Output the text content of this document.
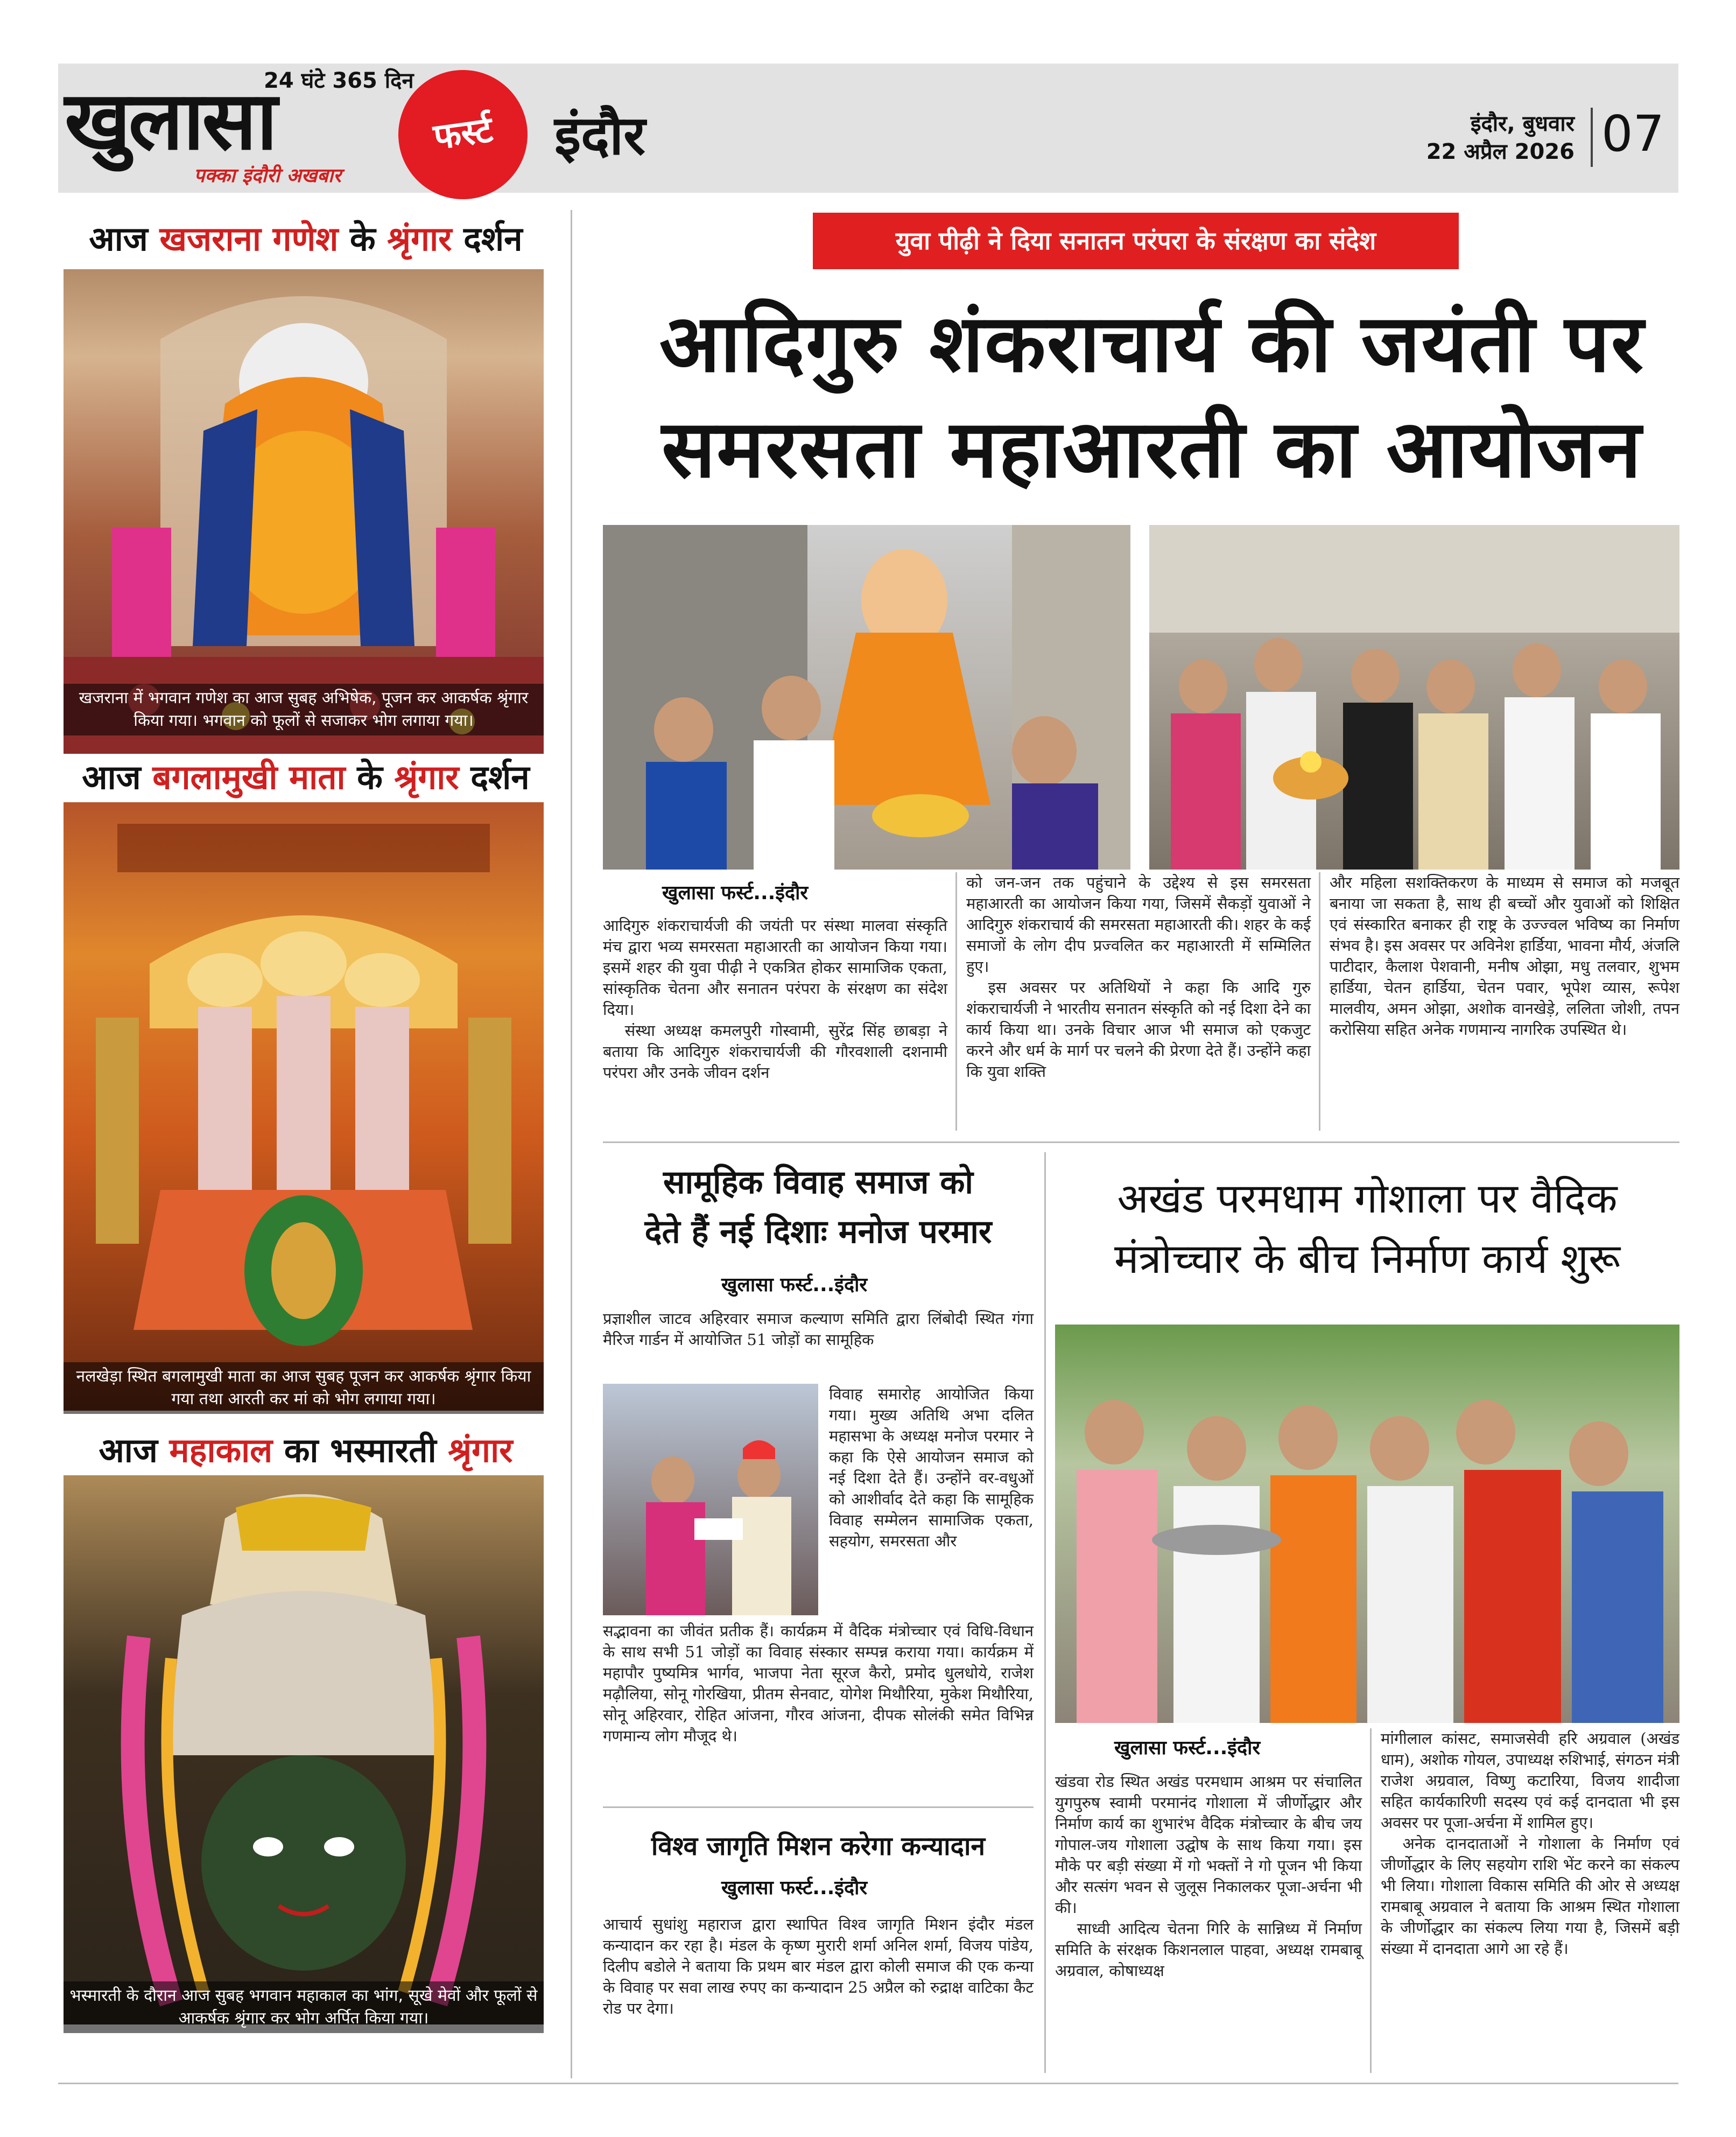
24 घंटे 365 दिन
खुलासा
पक्का इंदौरी अखबार
फर्स्ट	इंदौर	इंदौर, बुधवार
22 अप्रैल 2026 07
आज खजराना गणेश के श्रृंगार दर्शन
खजराना में भगवान गणेश का आज सुबह अभिषेक, पूजन कर आकर्षक श्रृंगार किया गया। भगवान को फूलों से सजाकर भोग लगाया गया।
आज बगलामुखी माता के श्रृंगार दर्शन
नलखेड़ा स्थित बगलामुखी माता का आज सुबह पूजन कर आकर्षक श्रृंगार किया गया तथा आरती कर मां को भोग लगाया गया।
आज महाकाल का भस्मारती श्रृंगार
भस्मारती के दौरान आज सुबह भगवान महाकाल का भांग, सूखे मेवों और फूलों से आकर्षक श्रृंगार कर भोग अर्पित किया गया।
युवा पीढ़ी ने दिया सनातन परंपरा के संरक्षण का संदेश
आदिगुरु शंकराचार्य की जयंती पर
समरसता महाआरती का आयोजन
खुलासा फर्स्ट...इंदौर

आदिगुरु शंकराचार्यजी की जयंती पर संस्था मालवा संस्कृति मंच द्वारा भव्य समरसता महाआरती का आयोजन किया गया। इसमें शहर की युवा पीढ़ी ने एकत्रित होकर सामाजिक एकता, सांस्कृतिक चेतना और सनातन परंपरा के संरक्षण का संदेश दिया।

संस्था अध्यक्ष कमलपुरी गोस्वामी, सुरेंद्र सिंह छाबड़ा ने बताया कि आदिगुरु शंकराचार्यजी की गौरवशाली दशनामी परंपरा और उनके जीवन दर्शन

को जन-जन तक पहुंचाने के उद्देश्य से इस समरसता महाआरती का आयोजन किया गया, जिसमें सैकड़ों युवाओं ने आदिगुरु शंकराचार्य की समरसता महाआरती की। शहर के कई समाजों के लोग दीप प्रज्वलित कर महाआरती में सम्मिलित हुए।

इस अवसर पर अतिथियों ने कहा कि आदि गुरु शंकराचार्यजी ने भारतीय सनातन संस्कृति को नई दिशा देने का कार्य किया था। उनके विचार आज भी समाज को एकजुट करने और धर्म के मार्ग पर चलने की प्रेरणा देते हैं। उन्होंने कहा कि युवा शक्ति

और महिला सशक्तिकरण के माध्यम से समाज को मजबूत बनाया जा सकता है, साथ ही बच्चों और युवाओं को शिक्षित एवं संस्कारित बनाकर ही राष्ट्र के उज्ज्वल भविष्य का निर्माण संभव है। इस अवसर पर अविनेश हार्डिया, भावना मौर्य, अंजलि पाटीदार, कैलाश पेशवानी, मनीष ओझा, मधु तलवार, शुभम हार्डिया, चेतन हार्डिया, चेतन पवार, भूपेश व्यास, रूपेश मालवीय, अमन ओझा, अशोक वानखेड़े, ललिता जोशी, तपन करोसिया सहित अनेक गणमान्य नागरिक उपस्थित थे।

सामूहिक विवाह समाज को
देते हैं नई दिशाः मनोज परमार
खुलासा फर्स्ट...इंदौर
प्रज्ञाशील जाटव अहिरवार समाज कल्याण समिति द्वारा लिंबोदी स्थित गंगा मैरिज गार्डन में आयोजित 51 जोड़ों का सामूहिक
विवाह समारोह आयोजित किया गया। मुख्य अतिथि अभा दलित महासभा के अध्यक्ष मनोज परमार ने कहा कि ऐसे आयोजन समाज को नई दिशा देते हैं। उन्होंने वर-वधुओं को आशीर्वाद देते कहा कि सामूहिक विवाह सम्मेलन सामाजिक एकता, सहयोग, समरसता और
सद्भावना का जीवंत प्रतीक हैं। कार्यक्रम में वैदिक मंत्रोच्चार एवं विधि-विधान के साथ सभी 51 जोड़ों का विवाह संस्कार सम्पन्न कराया गया। कार्यक्रम में महापौर पुष्यमित्र भार्गव, भाजपा नेता सूरज कैरो, प्रमोद धुलधोये, राजेश मढ़ौलिया, सोनू गोरखिया, प्रीतम सेनवाट, योगेश मिथौरिया, मुकेश मिथौरिया, सोनू अहिरवार, रोहित आंजना, गौरव आंजना, दीपक सोलंकी समेत विभिन्न गणमान्य लोग मौजूद थे।
विश्व जागृति मिशन करेगा कन्यादान
खुलासा फर्स्ट...इंदौर

आचार्य सुधांशु महाराज द्वारा स्थापित विश्व जागृति मिशन इंदौर मंडल कन्यादान कर रहा है। मंडल के कृष्ण मुरारी शर्मा अनिल शर्मा, विजय पांडेय, दिलीप बडोले ने बताया कि प्रथम बार मंडल द्वारा कोली समाज की एक कन्या के विवाह पर सवा लाख रुपए का कन्यादान 25 अप्रैल को रुद्राक्ष वाटिका कैट रोड पर देगा।

अखंड परमधाम गोशाला पर वैदिक
मंत्रोच्चार के बीच निर्माण कार्य शुरू
खुलासा फर्स्ट...इंदौर

खंडवा रोड स्थित अखंड परमधाम आश्रम पर संचालित युगपुरुष स्वामी परमानंद गोशाला में जीर्णोद्धार और निर्माण कार्य का शुभारंभ वैदिक मंत्रोच्चार के बीच जय गोपाल-जय गोशाला उद्घोष के साथ किया गया। इस मौके पर बड़ी संख्या में गो भक्तों ने गो पूजन भी किया और सत्संग भवन से जुलूस निकालकर पूजा-अर्चना भी की।

साध्वी आदित्य चेतना गिरि के सान्निध्य में निर्माण समिति के संरक्षक किशनलाल पाहवा, अध्यक्ष रामबाबू अग्रवाल, कोषाध्यक्ष

मांगीलाल कांसट, समाजसेवी हरि अग्रवाल (अखंड धाम), अशोक गोयल, उपाध्यक्ष रुशिभाई, संगठन मंत्री राजेश अग्रवाल, विष्णु कटारिया, विजय शादीजा सहित कार्यकारिणी सदस्य एवं कई दानदाता भी इस अवसर पर पूजा-अर्चना में शामिल हुए।

अनेक दानदाताओं ने गोशाला के निर्माण एवं जीर्णोद्धार के लिए सहयोग राशि भेंट करने का संकल्प भी लिया। गोशाला विकास समिति की ओर से अध्यक्ष रामबाबू अग्रवाल ने बताया कि आश्रम स्थित गोशाला के जीर्णोद्धार का संकल्प लिया गया है, जिसमें बड़ी संख्या में दानदाता आगे आ रहे हैं।
